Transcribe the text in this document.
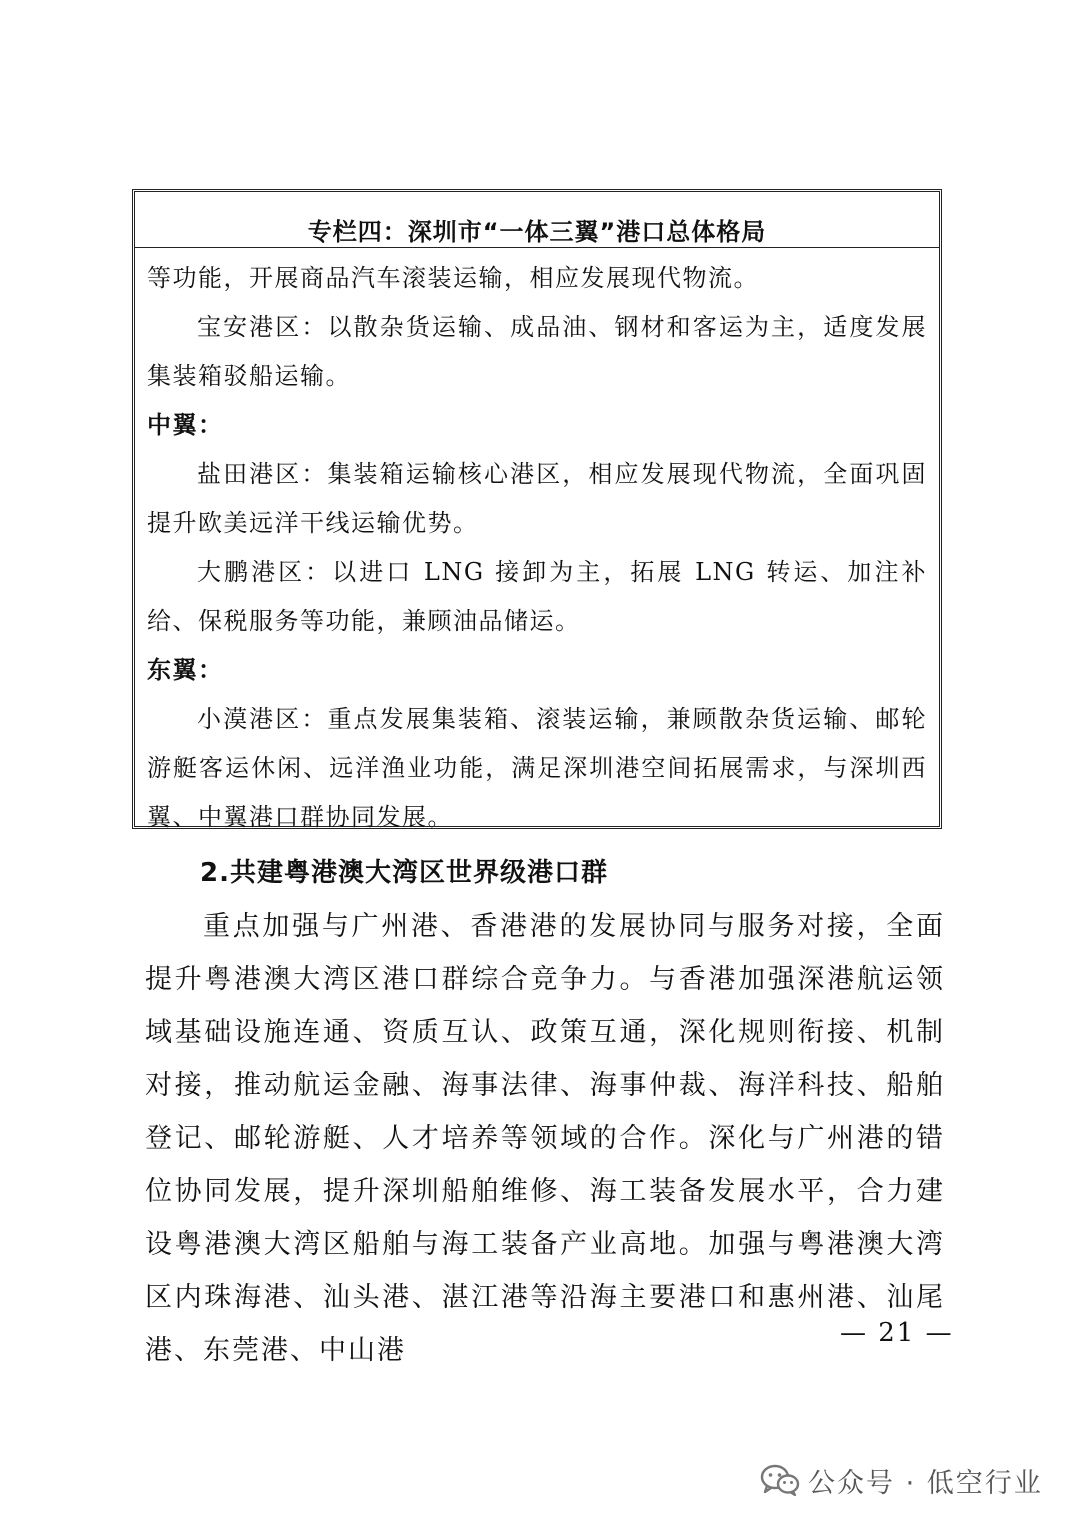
专栏四：深圳市“一体三翼”港口总体格局

等功能，开展商品汽车滚装运输，相应发展现代物流。

宝安港区：以散杂货运输、成品油、钢材和客运为主，适度发展集装箱驳船运输。

中翼：

盐田港区：集装箱运输核心港区，相应发展现代物流，全面巩固提升欧美远洋干线运输优势。

大鹏港区：以进口 LNG 接卸为主，拓展 LNG 转运、加注补给、保税服务等功能，兼顾油品储运。

东翼：

小漠港区：重点发展集装箱、滚装运输，兼顾散杂货运输、邮轮游艇客运休闲、远洋渔业功能，满足深圳港空间拓展需求，与深圳西翼、中翼港口群协同发展。

2.共建粤港澳大湾区世界级港口群

重点加强与广州港、香港港的发展协同与服务对接，全面提升粤港澳大湾区港口群综合竞争力。与香港加强深港航运领域基础设施连通、资质互认、政策互通，深化规则衔接、机制对接，推动航运金融、海事法律、海事仲裁、海洋科技、船舶登记、邮轮游艇、人才培养等领域的合作。深化与广州港的错位协同发展，提升深圳船舶维修、海工装备发展水平，合力建设粤港澳大湾区船舶与海工装备产业高地。加强与粤港澳大湾区内珠海港、汕头港、湛江港等沿海主要港口和惠州港、汕尾港、东莞港、中山港

— 21 —
公众号 · 低空行业
